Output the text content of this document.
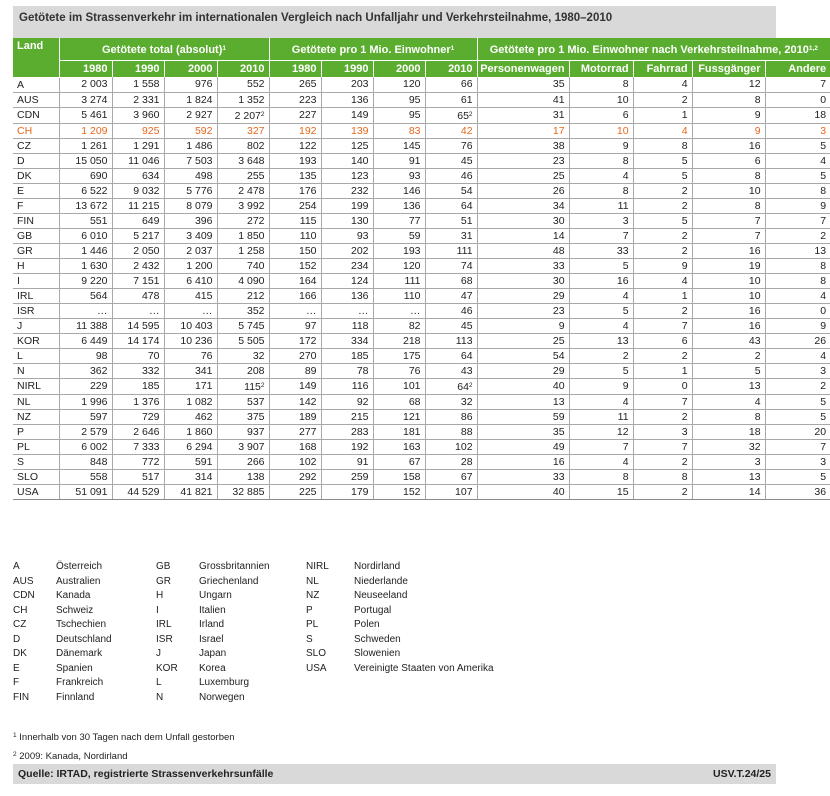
Getötete im Strassenverkehr im internationalen Vergleich nach Unfalljahr und Verkehrsteilnahme, 1980–2010
Land	Getötete total (absolut)$^1$				Getötete pro 1 Mio. Einwohner$^1$				Getötete pro 1 Mio. Einwohner nach Verkehrsteilnahme, 2010$^{1,2}$
	1980	1990	2000	2010	1980	1990	2000	2010	Personenwagen	Motorrad	Fahrrad	Fussgänger	Andere
A	2 003	1 558	976	552	265	203	120	66	35	8	4	12	7
AUS	3 274	2 331	1 824	1 352	223	136	95	61	41	10	2	8	0
CDN	5 461	3 960	2 927	2 $207^2$	227	149	95	$65^2$	31	6	1	9	18
CH	1 209	925	592	327	192	139	83	42	17	10	4	9	3
CZ	1 261	1 291	1 486	802	122	125	145	76	38	9	8	16	5
D	15 050	11 046	7 503	3 648	193	140	91	45	23	8	5	6	4
DK	690	634	498	255	135	123	93	46	25	4	5	8	5
E	6 522	9 032	5 776	2 478	176	232	146	54	26	8	2	10	8
F	13 672	11 215	8 079	3 992	254	199	136	64	34	11	2	8	9
FIN	551	649	396	272	115	130	77	51	30	3	5	7	7
GB	6 010	5 217	3 409	1 850	110	93	59	31	14	7	2	7	2
GR	1 446	2 050	2 037	1 258	150	202	193	111	48	33	2	16	13
H	1 630	2 432	1 200	740	152	234	120	74	33	5	9	19	8
I	9 220	7 151	6 410	4 090	164	124	111	68	30	16	4	10	8
IRL	564	478	415	212	166	136	110	47	29	4	1	10	4
ISR	…	…	…	352	…	…	…	46	23	5	2	16	0
J	11 388	14 595	10 403	5 745	97	118	82	45	9	4	7	16	9
KOR	6 449	14 174	10 236	5 505	172	334	218	113	25	13	6	43	26
L	98	70	76	32	270	185	175	64	54	2	2	2	4
N	362	332	341	208	89	78	76	43	29	5	1	5	3
NIRL	229	185	171	$115^2$	149	116	101	$64^2$	40	9	0	13	2
NL	1 996	1 376	1 082	537	142	92	68	32	13	4	7	4	5
NZ	597	729	462	375	189	215	121	86	59	11	2	8	5
P	2 579	2 646	1 860	937	277	283	181	88	35	12	3	18	20
PL	6 002	7 333	6 294	3 907	168	192	163	102	49	7	7	32	7
S	848	772	591	266	102	91	67	28	16	4	2	3	3
SLO	558	517	314	138	292	259	158	67	33	8	8	13	5
USA	51 091	44 529	41 821	32 885	225	179	152	107	40	15	2	14	36
A	Österreich
AUS Australien
CDN Kanada
CH	Schweiz
CZ	Tschechien
D	Deutschland
DK	Dänemark
E	Spanien
F	Frankreich
FIN	Finnland
GB	Grossbritannien
GR	Griechenland
H	Ungarn
I	Italien
IRL	Irland
ISR	Israel
J	Japan
KOR Korea
L	Luxemburg
N	Norwegen
NIRL	Nordirland
NL	Niederlande
NZ	Neuseeland
P	Portugal
PL	Polen
S	Schweden
SLO	Slowenien
USA	Vereinigte Staaten von Amerika
$^1$ Innerhalb von 30 Tagen nach dem Unfall gestorben
$^2$ 2009: Kanada, Nordirland
Quelle: IRTAD, registrierte Strassenverkehrsunfälle	USV.T.24/25
